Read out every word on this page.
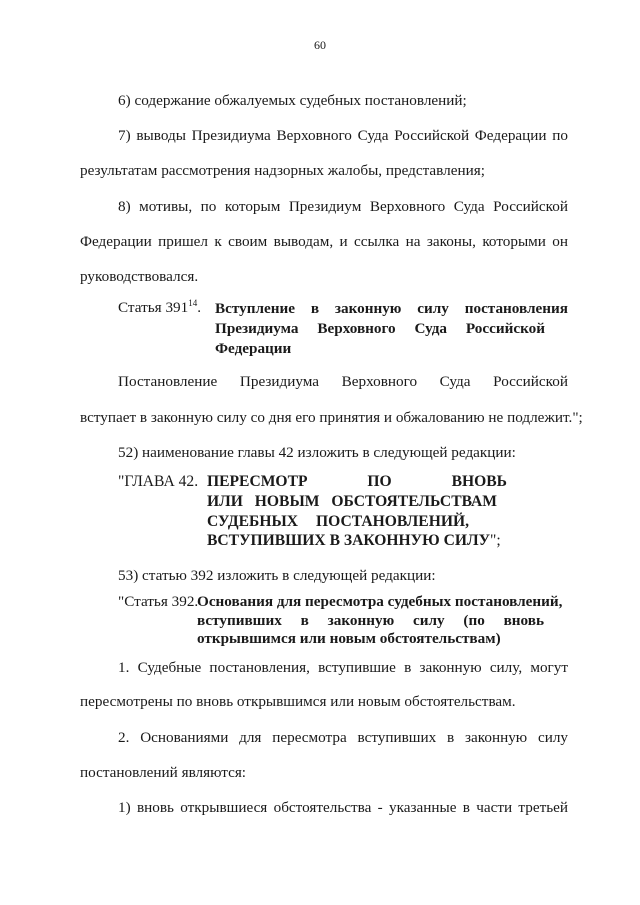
60
6) содержание обжалуемых судебных постановлений;
7) выводы Президиума Верховного Суда Российской Федерации по
результатам рассмотрения надзорных жалобы, представления;
8) мотивы, по которым Президиум Верховного Суда Российской
Федерации пришел к своим выводам, и ссылка на законы, которыми он
руководствовался.
Статья $391^{14}$. Вступление в законную силу постановления
Президиума Верховного Суда Российской
Федерации
Постановление Президиума Верховного Суда Российской
вступает в законную силу со дня его принятия и обжалованию не подлежит.";
52) наименование главы 42 изложить в следующей редакции:
"ГЛАВА 42. ПЕРЕСМОТР ПО ВНОВЬ
ИЛИ НОВЫМ ОБСТОЯТЕЛЬСТВАМ
СУДЕБНЫХ ПОСТАНОВЛЕНИЙ,
ВСТУПИВШИХ В ЗАКОННУЮ СИЛУ";
53) статью 392 изложить в следующей редакции:
"Статья 392.
Основания для пересмотра судебных постановлений,
вступивших в законную силу (по вновь
открывшимся или новым обстоятельствам)
1. Судебные постановления, вступившие в законную силу, могут
пересмотрены по вновь открывшимся или новым обстоятельствам.
2. Основаниями для пересмотра вступивших в законную силу
постановлений являются:
1) вновь открывшиеся обстоятельства - указанные в части третьей
